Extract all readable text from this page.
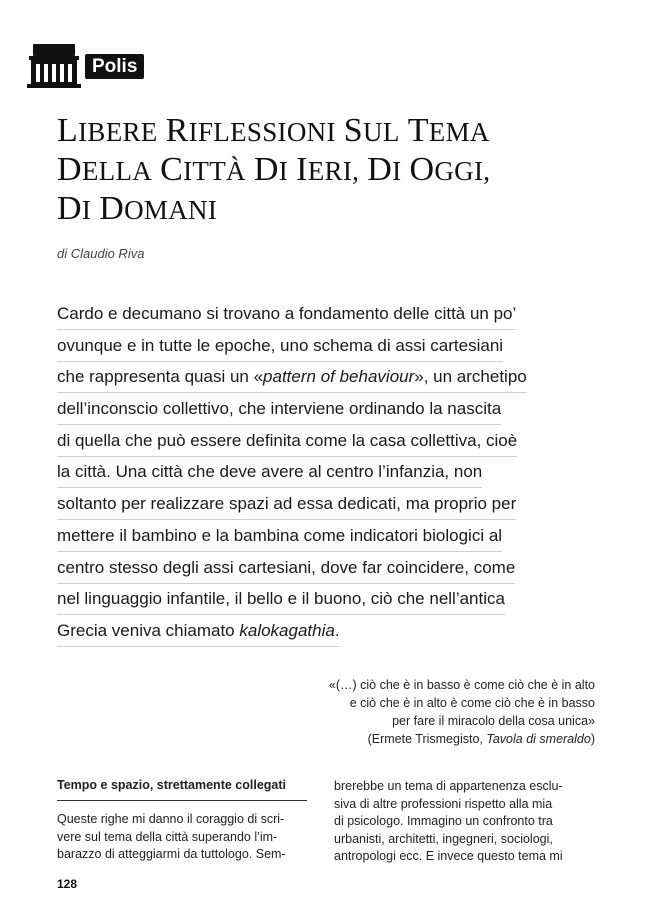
Polis
LIBERE RIFLESSIONI SUL TEMA
DELLA CITTÀ DI IERI, DI OGGI,
DI DOMANI
di Claudio Riva
Cardo e decumano si trovano a fondamento delle città un po’
ovunque e in tutte le epoche, uno schema di assi cartesiani
che rappresenta quasi un «pattern of behaviour», un archetipo
dell’inconscio collettivo, che interviene ordinando la nascita
di quella che può essere definita come la casa collettiva, cioè
la città. Una città che deve avere al centro l’infanzia, non
soltanto per realizzare spazi ad essa dedicati, ma proprio per
mettere il bambino e la bambina come indicatori biologici al
centro stesso degli assi cartesiani, dove far coincidere, come
nel linguaggio infantile, il bello e il buono, ciò che nell’antica
Grecia veniva chiamato kalokagathia.
«(…) ciò che è in basso è come ciò che è in alto
e ciò che è in alto è come ciò che è in basso
per fare il miracolo della cosa unica»
(Ermete Trismegisto, Tavola di smeraldo)
Tempo e spazio, strettamente collegati
Queste righe mi danno il coraggio di scri-
vere sul tema della città superando l’im-
barazzo di atteggiarmi da tuttologo. Sem-
brerebbe un tema di appartenenza esclu-
siva di altre professioni rispetto alla mia
di psicologo. Immagino un confronto tra
urbanisti, architetti, ingegneri, sociologi,
antropologi ecc. E invece questo tema mi
128
